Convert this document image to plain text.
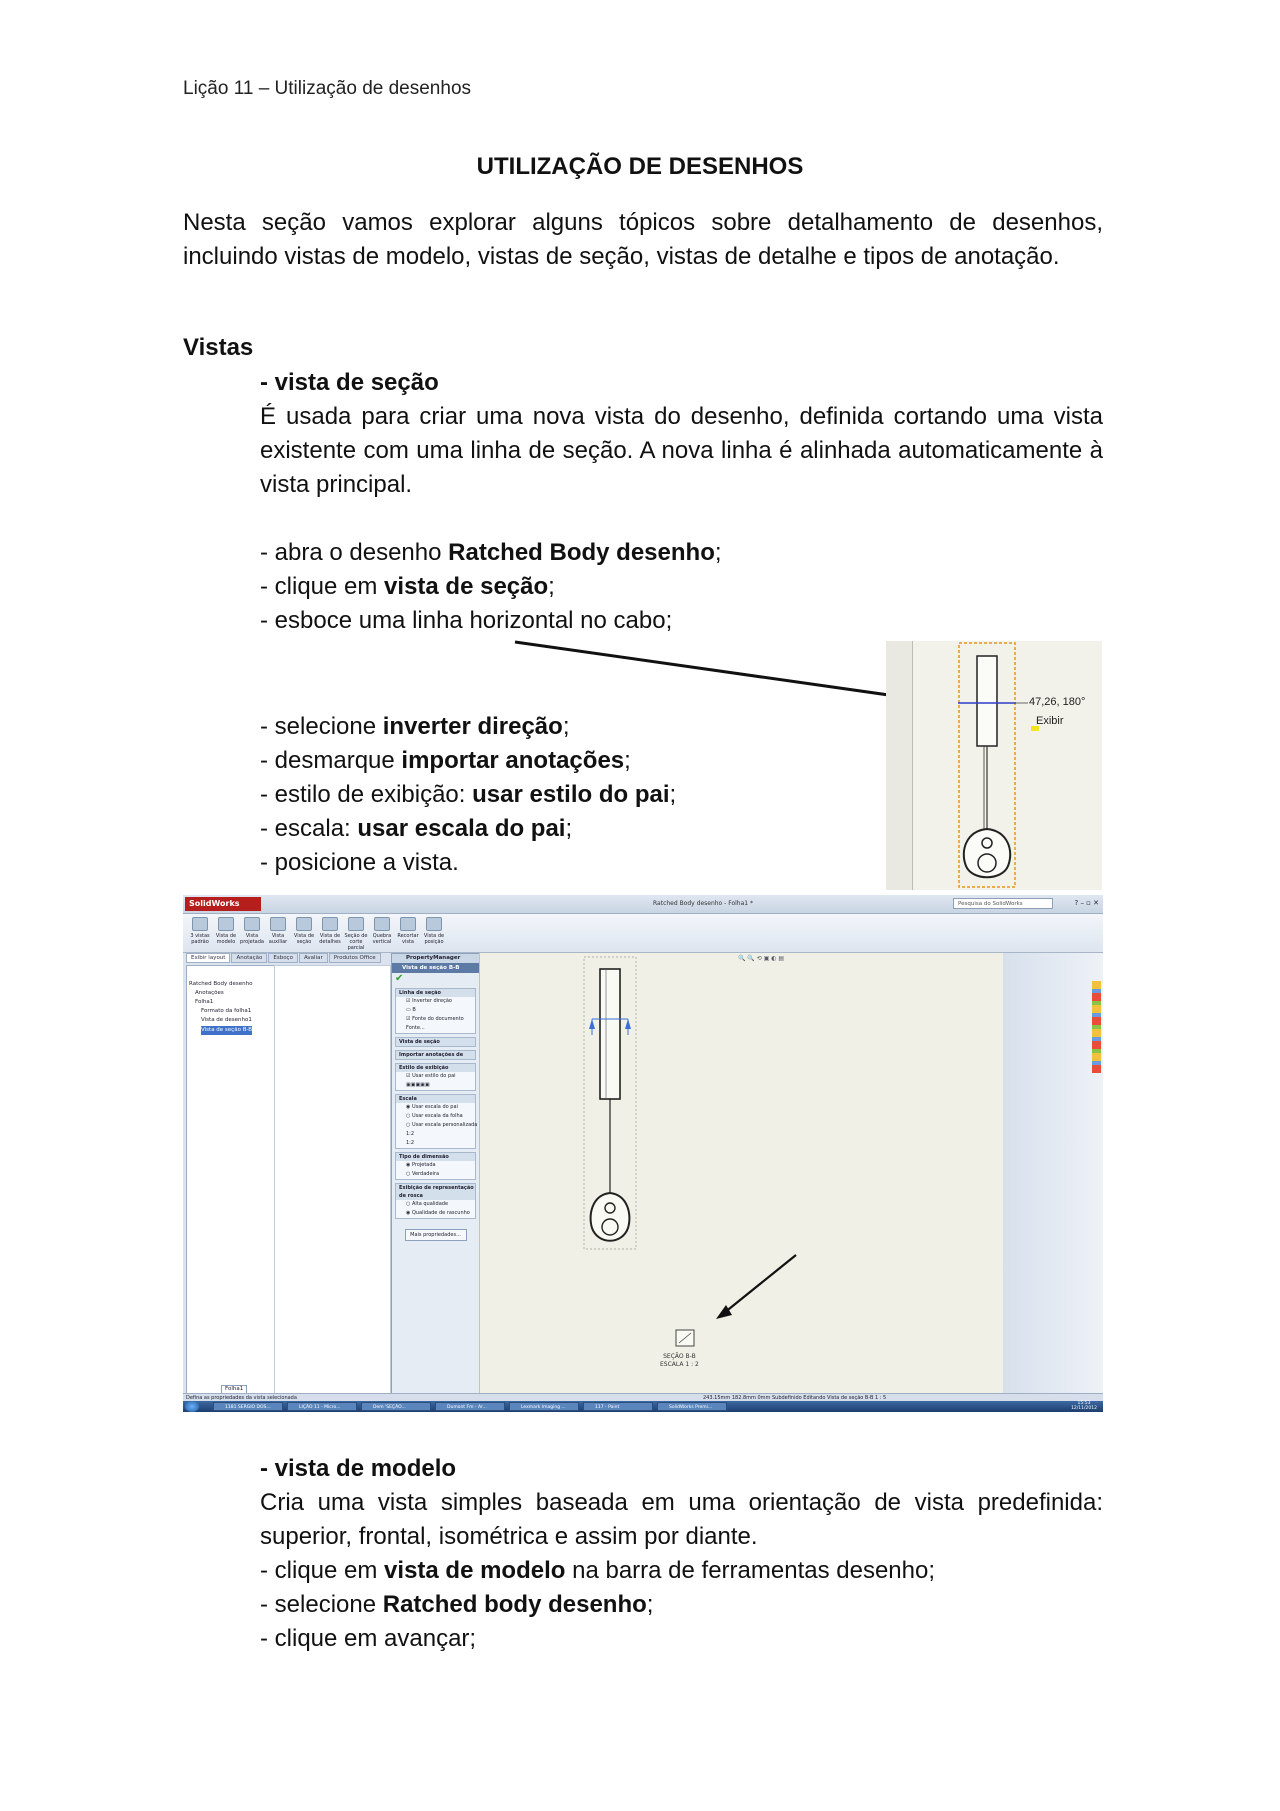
Lição 11 – Utilização de desenhos
UTILIZAÇÃO DE DESENHOS
Nesta seção vamos explorar alguns tópicos sobre detalhamento de desenhos, incluindo vistas de modelo, vistas de seção, vistas de detalhe e tipos de anotação.
Vistas
- vista de seção
É usada para criar uma nova vista do desenho, definida cortando uma vista existente com uma linha de seção. A nova linha é alinhada automaticamente à vista principal.
- abra o desenho Ratched Body desenho;
- clique em vista de seção;
- esboce uma linha horizontal no cabo;
- selecione inverter direção;
- desmarque importar anotações;
- estilo de exibição: usar estilo do pai;
- escala: usar escala do pai;
- posicione a vista.
47,26, 180°
Exibir
SolidWorks	Ratched Body desenho - Folha1 *	Pesquisa do SolidWorks	? – ▫ ✕
3 vistas padrão
Vista de modelo
Vista projetada
Vista auxiliar
Vista de seção
Vista de detalhes
Seção de corte parcial
Quebra vertical
Recortar vista
Vista de posição
Exibir layout Anotação Esboço Avaliar Produtos Office
Ratched Body desenho
Anotações
Folha1
Formato da folha1
Vista de desenho1
Vista de seção B-B
PropertyManager
Vista de seção B-B
✔
Linha de seção
☑ Inverter direção
▭ B
☑ Fonte do documento
Fonte...
Vista de seção
Importar anotações de
Estilo de exibição
☑ Usar estilo do pai
▣▣▣▣▣
Escala
◉ Usar escala do pai
○ Usar escala da folha
○ Usar escala personalizada
1:2
1:2
Tipo de dimensão
◉ Projetada
○ Verdadeira
Exibição de representação de rosca
○ Alta qualidade
◉ Qualidade de rascunho
Mais propriedades...
🔍 🔍 ⟲ ▣ ◐ ▤
SEÇÃO B-B
ESCALA 1 : 2
Folha1
Defina as propriedades da vista selecionada	243.15mm 182.8mm 0mm Subdefinido Editando Vista de seção B-B 1 : 5
1181 SERGIO DOS...	LIÇÃO 11 - Micro...	Dem 'SEÇÃO...	Dumont Fm - Ar...	Lexmark Imaging ...	117 - Paint	SolidWorks Premi...
15:53
12/11/2012
- vista de modelo
Cria uma vista simples baseada em uma orientação de vista predefinida: superior, frontal, isométrica e assim por diante.
- clique em vista de modelo na barra de ferramentas desenho;
- selecione Ratched body desenho;
- clique em avançar;
